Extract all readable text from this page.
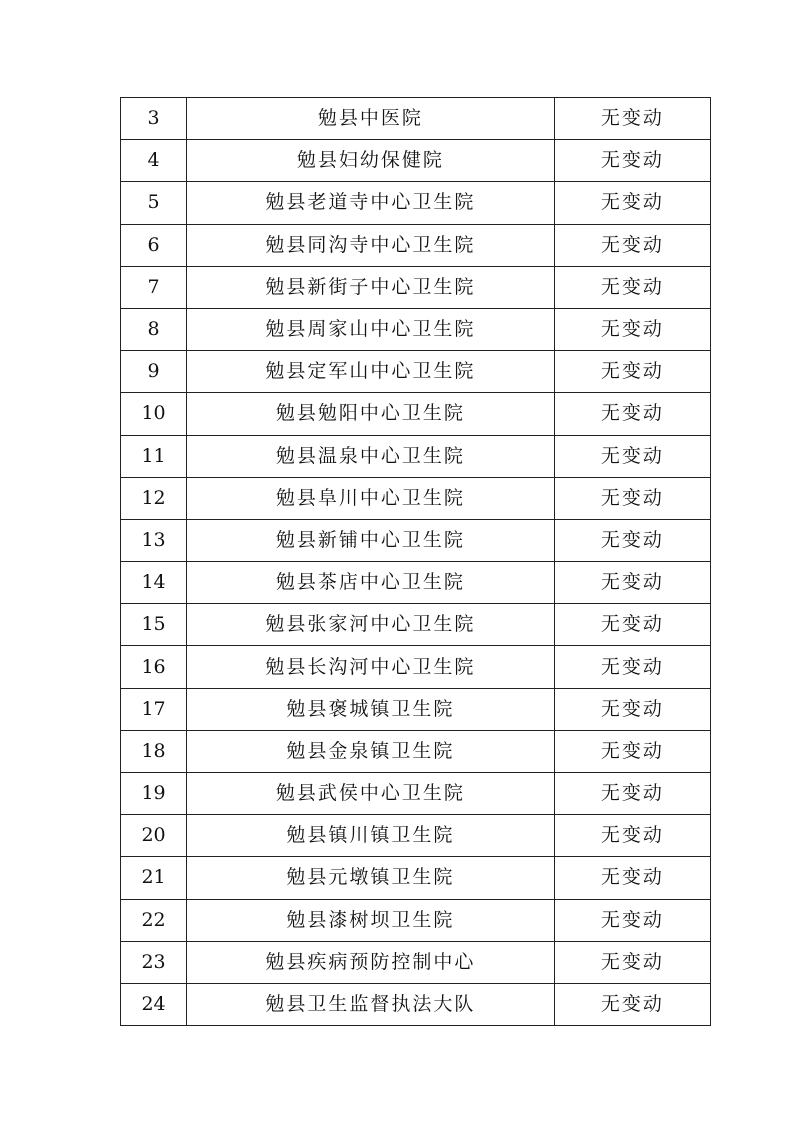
3	勉县中医院	无变动
4	勉县妇幼保健院	无变动
5	勉县老道寺中心卫生院	无变动
6	勉县同沟寺中心卫生院	无变动
7	勉县新街子中心卫生院	无变动
8	勉县周家山中心卫生院	无变动
9	勉县定军山中心卫生院	无变动
10	勉县勉阳中心卫生院	无变动
11	勉县温泉中心卫生院	无变动
12	勉县阜川中心卫生院	无变动
13	勉县新铺中心卫生院	无变动
14	勉县茶店中心卫生院	无变动
15	勉县张家河中心卫生院	无变动
16	勉县长沟河中心卫生院	无变动
17	勉县褒城镇卫生院	无变动
18	勉县金泉镇卫生院	无变动
19	勉县武侯中心卫生院	无变动
20	勉县镇川镇卫生院	无变动
21	勉县元墩镇卫生院	无变动
22	勉县漆树坝卫生院	无变动
23	勉县疾病预防控制中心	无变动
24	勉县卫生监督执法大队	无变动
